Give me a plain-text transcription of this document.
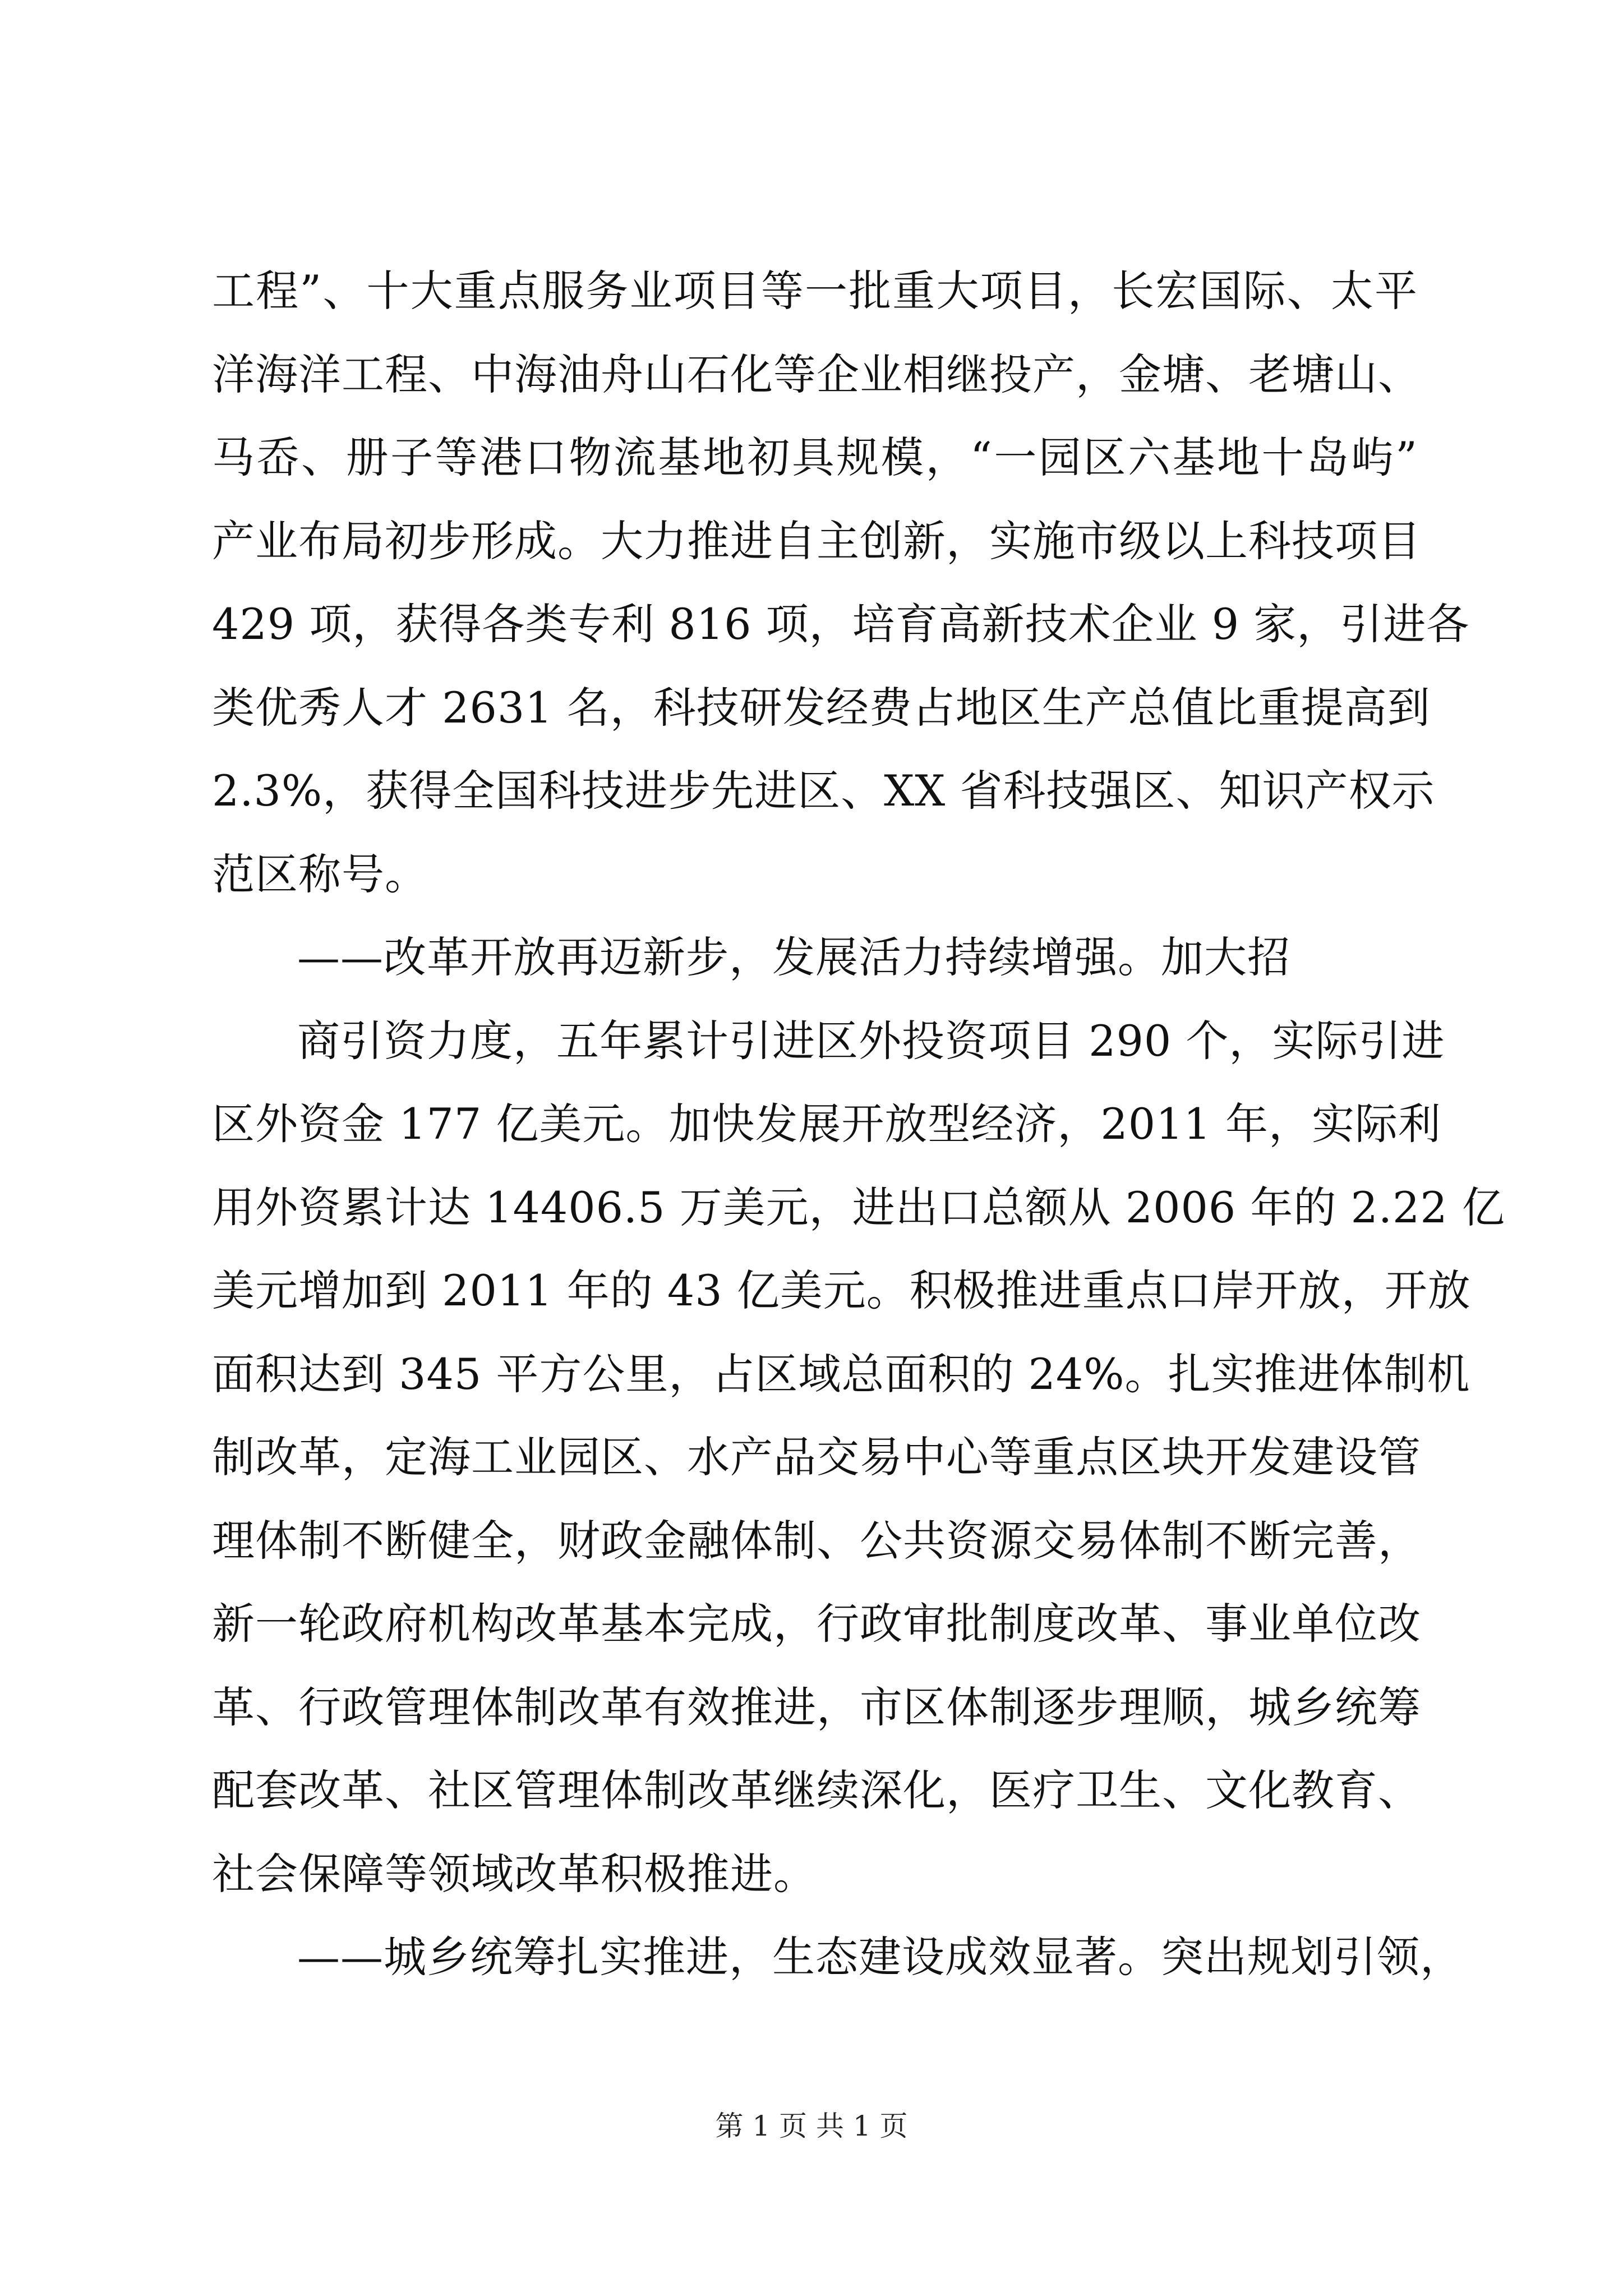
工程”、十大重点服务业项目等一批重大项目，长宏国际、太平
洋海洋工程、中海油舟山石化等企业相继投产，金塘、老塘山、
马岙、册子等港口物流基地初具规模，“一园区六基地十岛屿”
产业布局初步形成。大力推进自主创新，实施市级以上科技项目
429 项，获得各类专利 816 项，培育高新技术企业 9 家，引进各
类优秀人才 2631 名，科技研发经费占地区生产总值比重提高到
2.3%，获得全国科技进步先进区、XX 省科技强区、知识产权示
范区称号。
——改革开放再迈新步，发展活力持续增强。加大招
商引资力度，五年累计引进区外投资项目 290 个，实际引进
区外资金 177 亿美元。加快发展开放型经济，2011 年，实际利
用外资累计达 14406.5 万美元，进出口总额从 2006 年的 2.22 亿
美元增加到 2011 年的 43 亿美元。积极推进重点口岸开放，开放
面积达到 345 平方公里，占区域总面积的 24%。扎实推进体制机
制改革，定海工业园区、水产品交易中心等重点区块开发建设管
理体制不断健全，财政金融体制、公共资源交易体制不断完善，
新一轮政府机构改革基本完成，行政审批制度改革、事业单位改
革、行政管理体制改革有效推进，市区体制逐步理顺，城乡统筹
配套改革、社区管理体制改革继续深化，医疗卫生、文化教育、
社会保障等领域改革积极推进。
——城乡统筹扎实推进，生态建设成效显著。突出规划引领，
第 1 页 共 1 页
